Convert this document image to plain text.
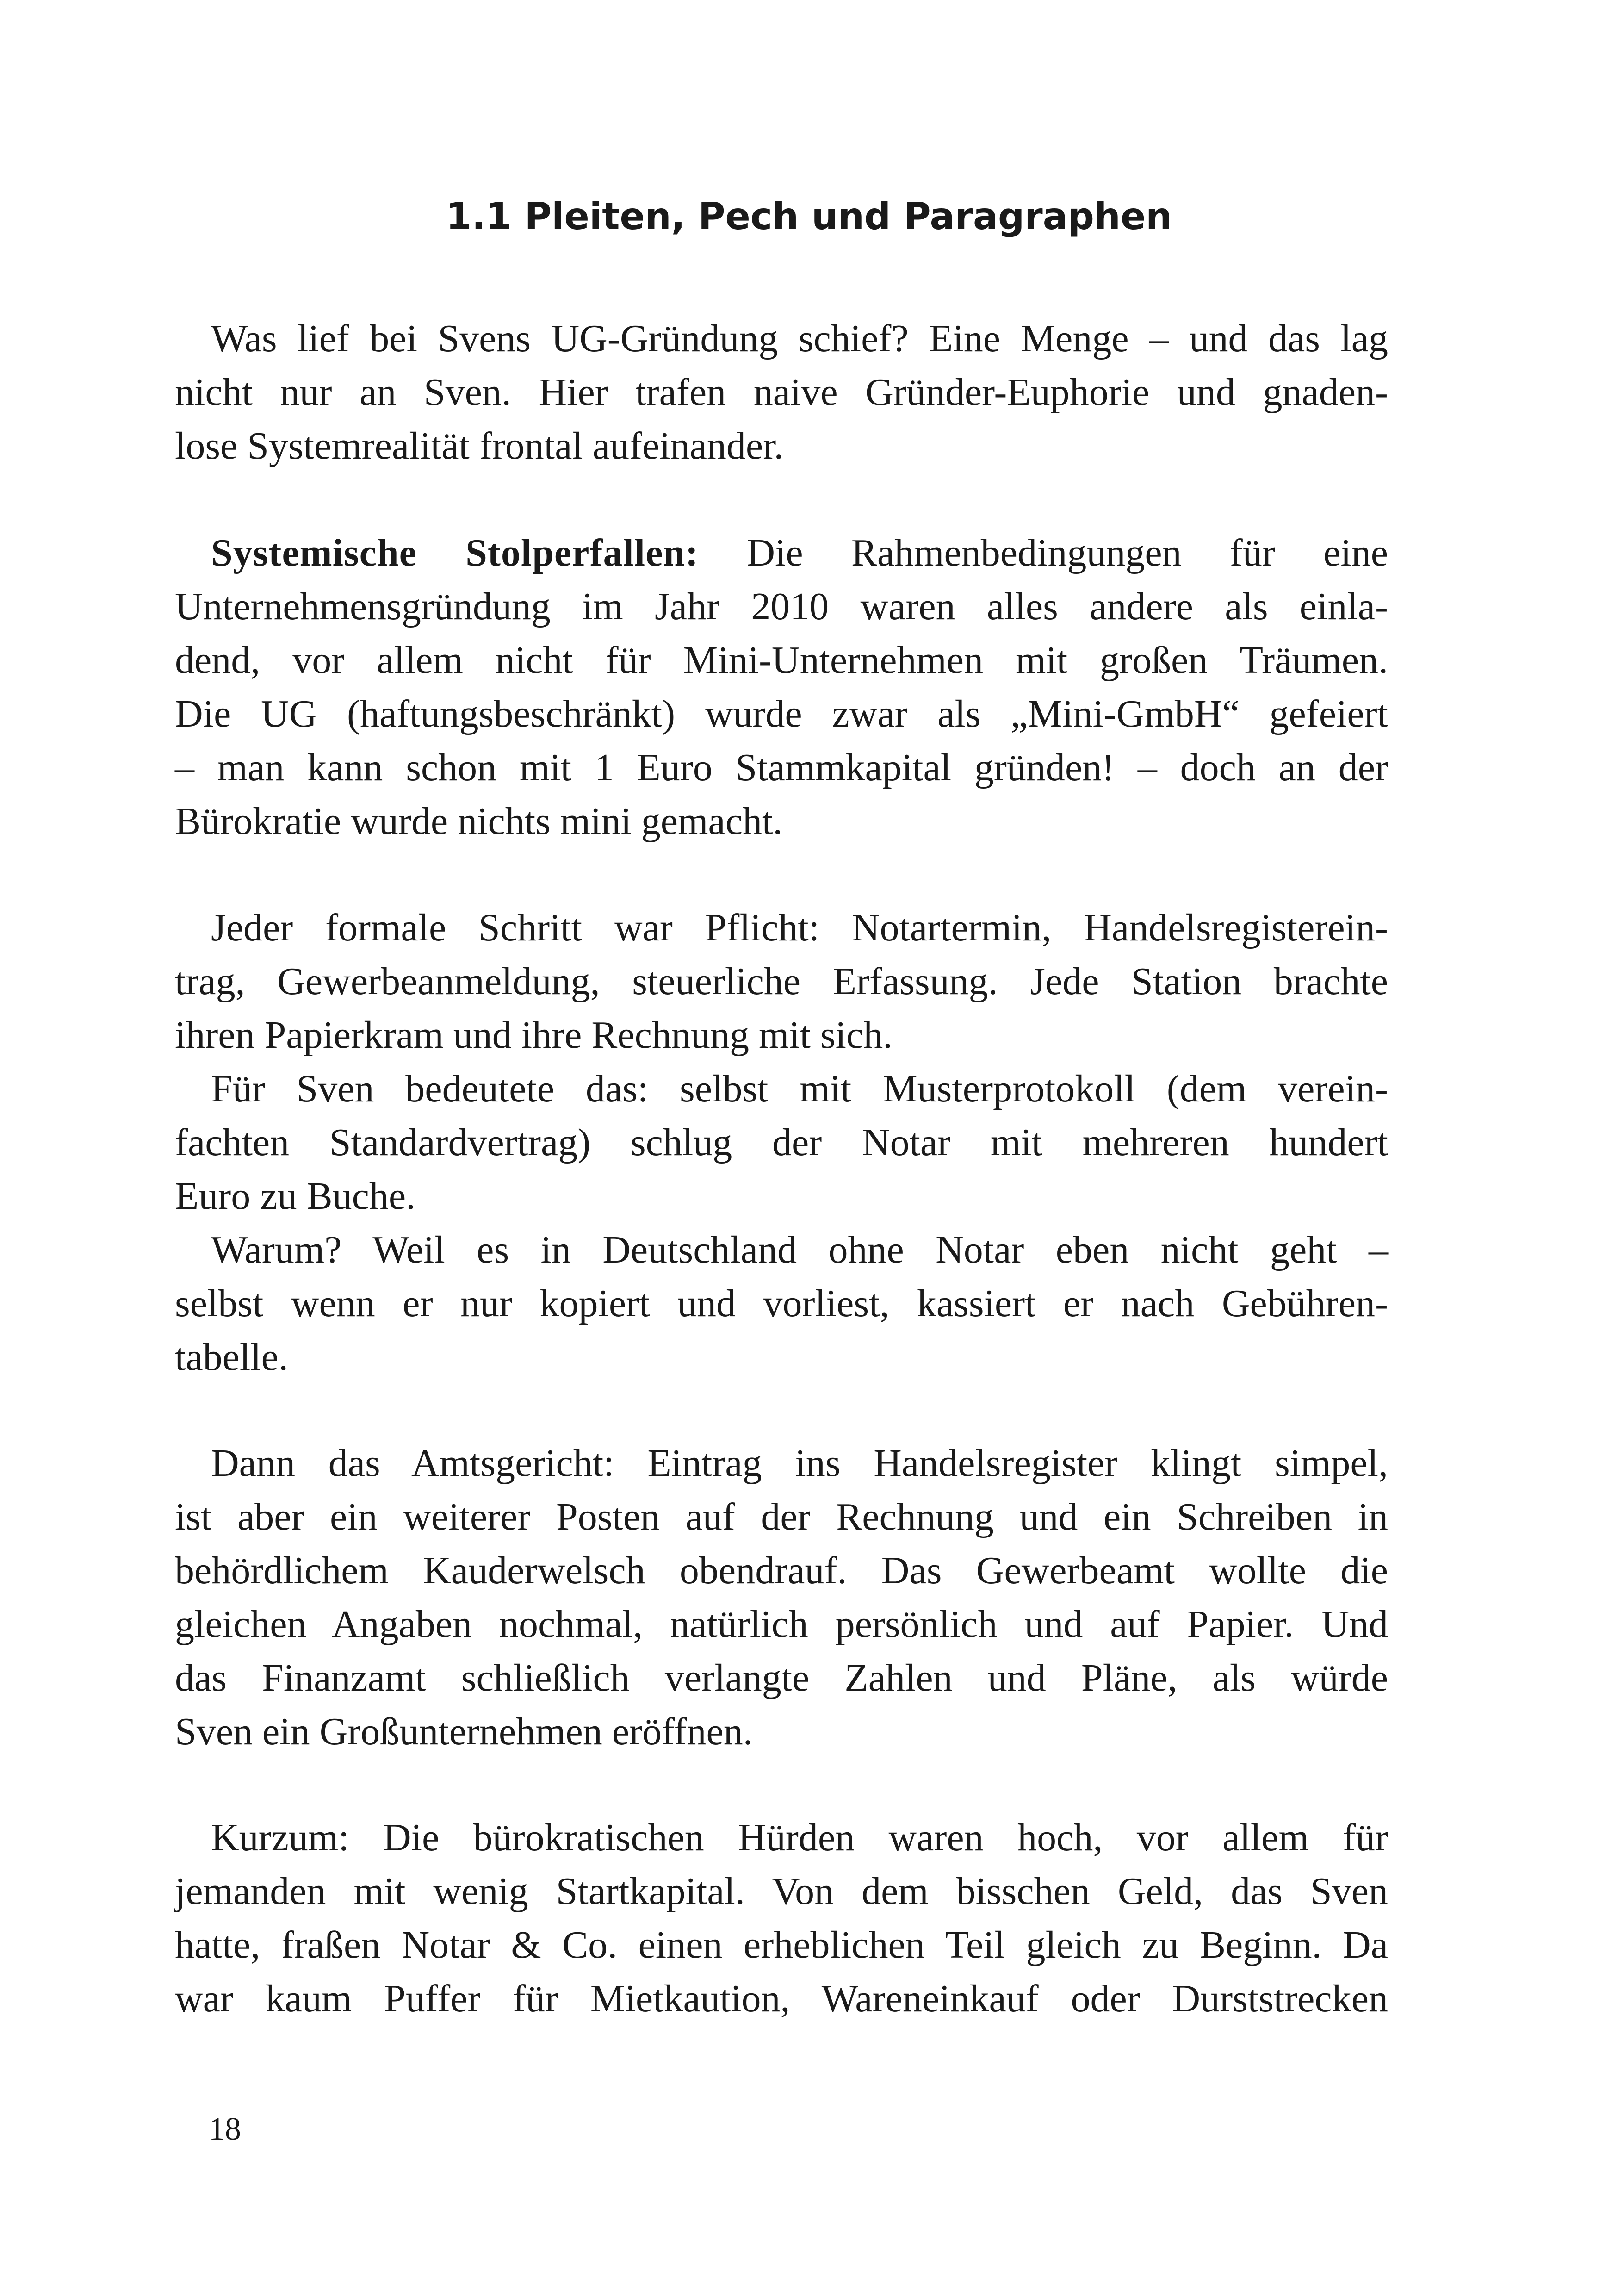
1.1 Pleiten, Pech und Paragraphen
Was lief bei Svens UG-Gründung schief? Eine Menge – und das lag
nicht nur an Sven. Hier trafen naive Gründer-Euphorie und gnaden-
lose Systemrealität frontal aufeinander.
Systemische Stolperfallen: Die Rahmenbedingungen für eine
Unternehmensgründung im Jahr 2010 waren alles andere als einla-
dend, vor allem nicht für Mini-Unternehmen mit großen Träumen.
Die UG (haftungsbeschränkt) wurde zwar als „Mini-GmbH“ gefeiert
– man kann schon mit 1 Euro Stammkapital gründen! – doch an der
Bürokratie wurde nichts mini gemacht.
Jeder formale Schritt war Pflicht: Notartermin, Handelsregisterein-
trag, Gewerbeanmeldung, steuerliche Erfassung. Jede Station brachte
ihren Papierkram und ihre Rechnung mit sich.
Für Sven bedeutete das: selbst mit Musterprotokoll (dem verein-
fachten Standardvertrag) schlug der Notar mit mehreren hundert
Euro zu Buche.
Warum? Weil es in Deutschland ohne Notar eben nicht geht –
selbst wenn er nur kopiert und vorliest, kassiert er nach Gebühren-
tabelle.
Dann das Amtsgericht: Eintrag ins Handelsregister klingt simpel,
ist aber ein weiterer Posten auf der Rechnung und ein Schreiben in
behördlichem Kauderwelsch obendrauf. Das Gewerbeamt wollte die
gleichen Angaben nochmal, natürlich persönlich und auf Papier. Und
das Finanzamt schließlich verlangte Zahlen und Pläne, als würde
Sven ein Großunternehmen eröffnen.
Kurzum: Die bürokratischen Hürden waren hoch, vor allem für
jemanden mit wenig Startkapital. Von dem bisschen Geld, das Sven
hatte, fraßen Notar & Co. einen erheblichen Teil gleich zu Beginn. Da
war kaum Puffer für Mietkaution, Wareneinkauf oder Durststrecken
18
